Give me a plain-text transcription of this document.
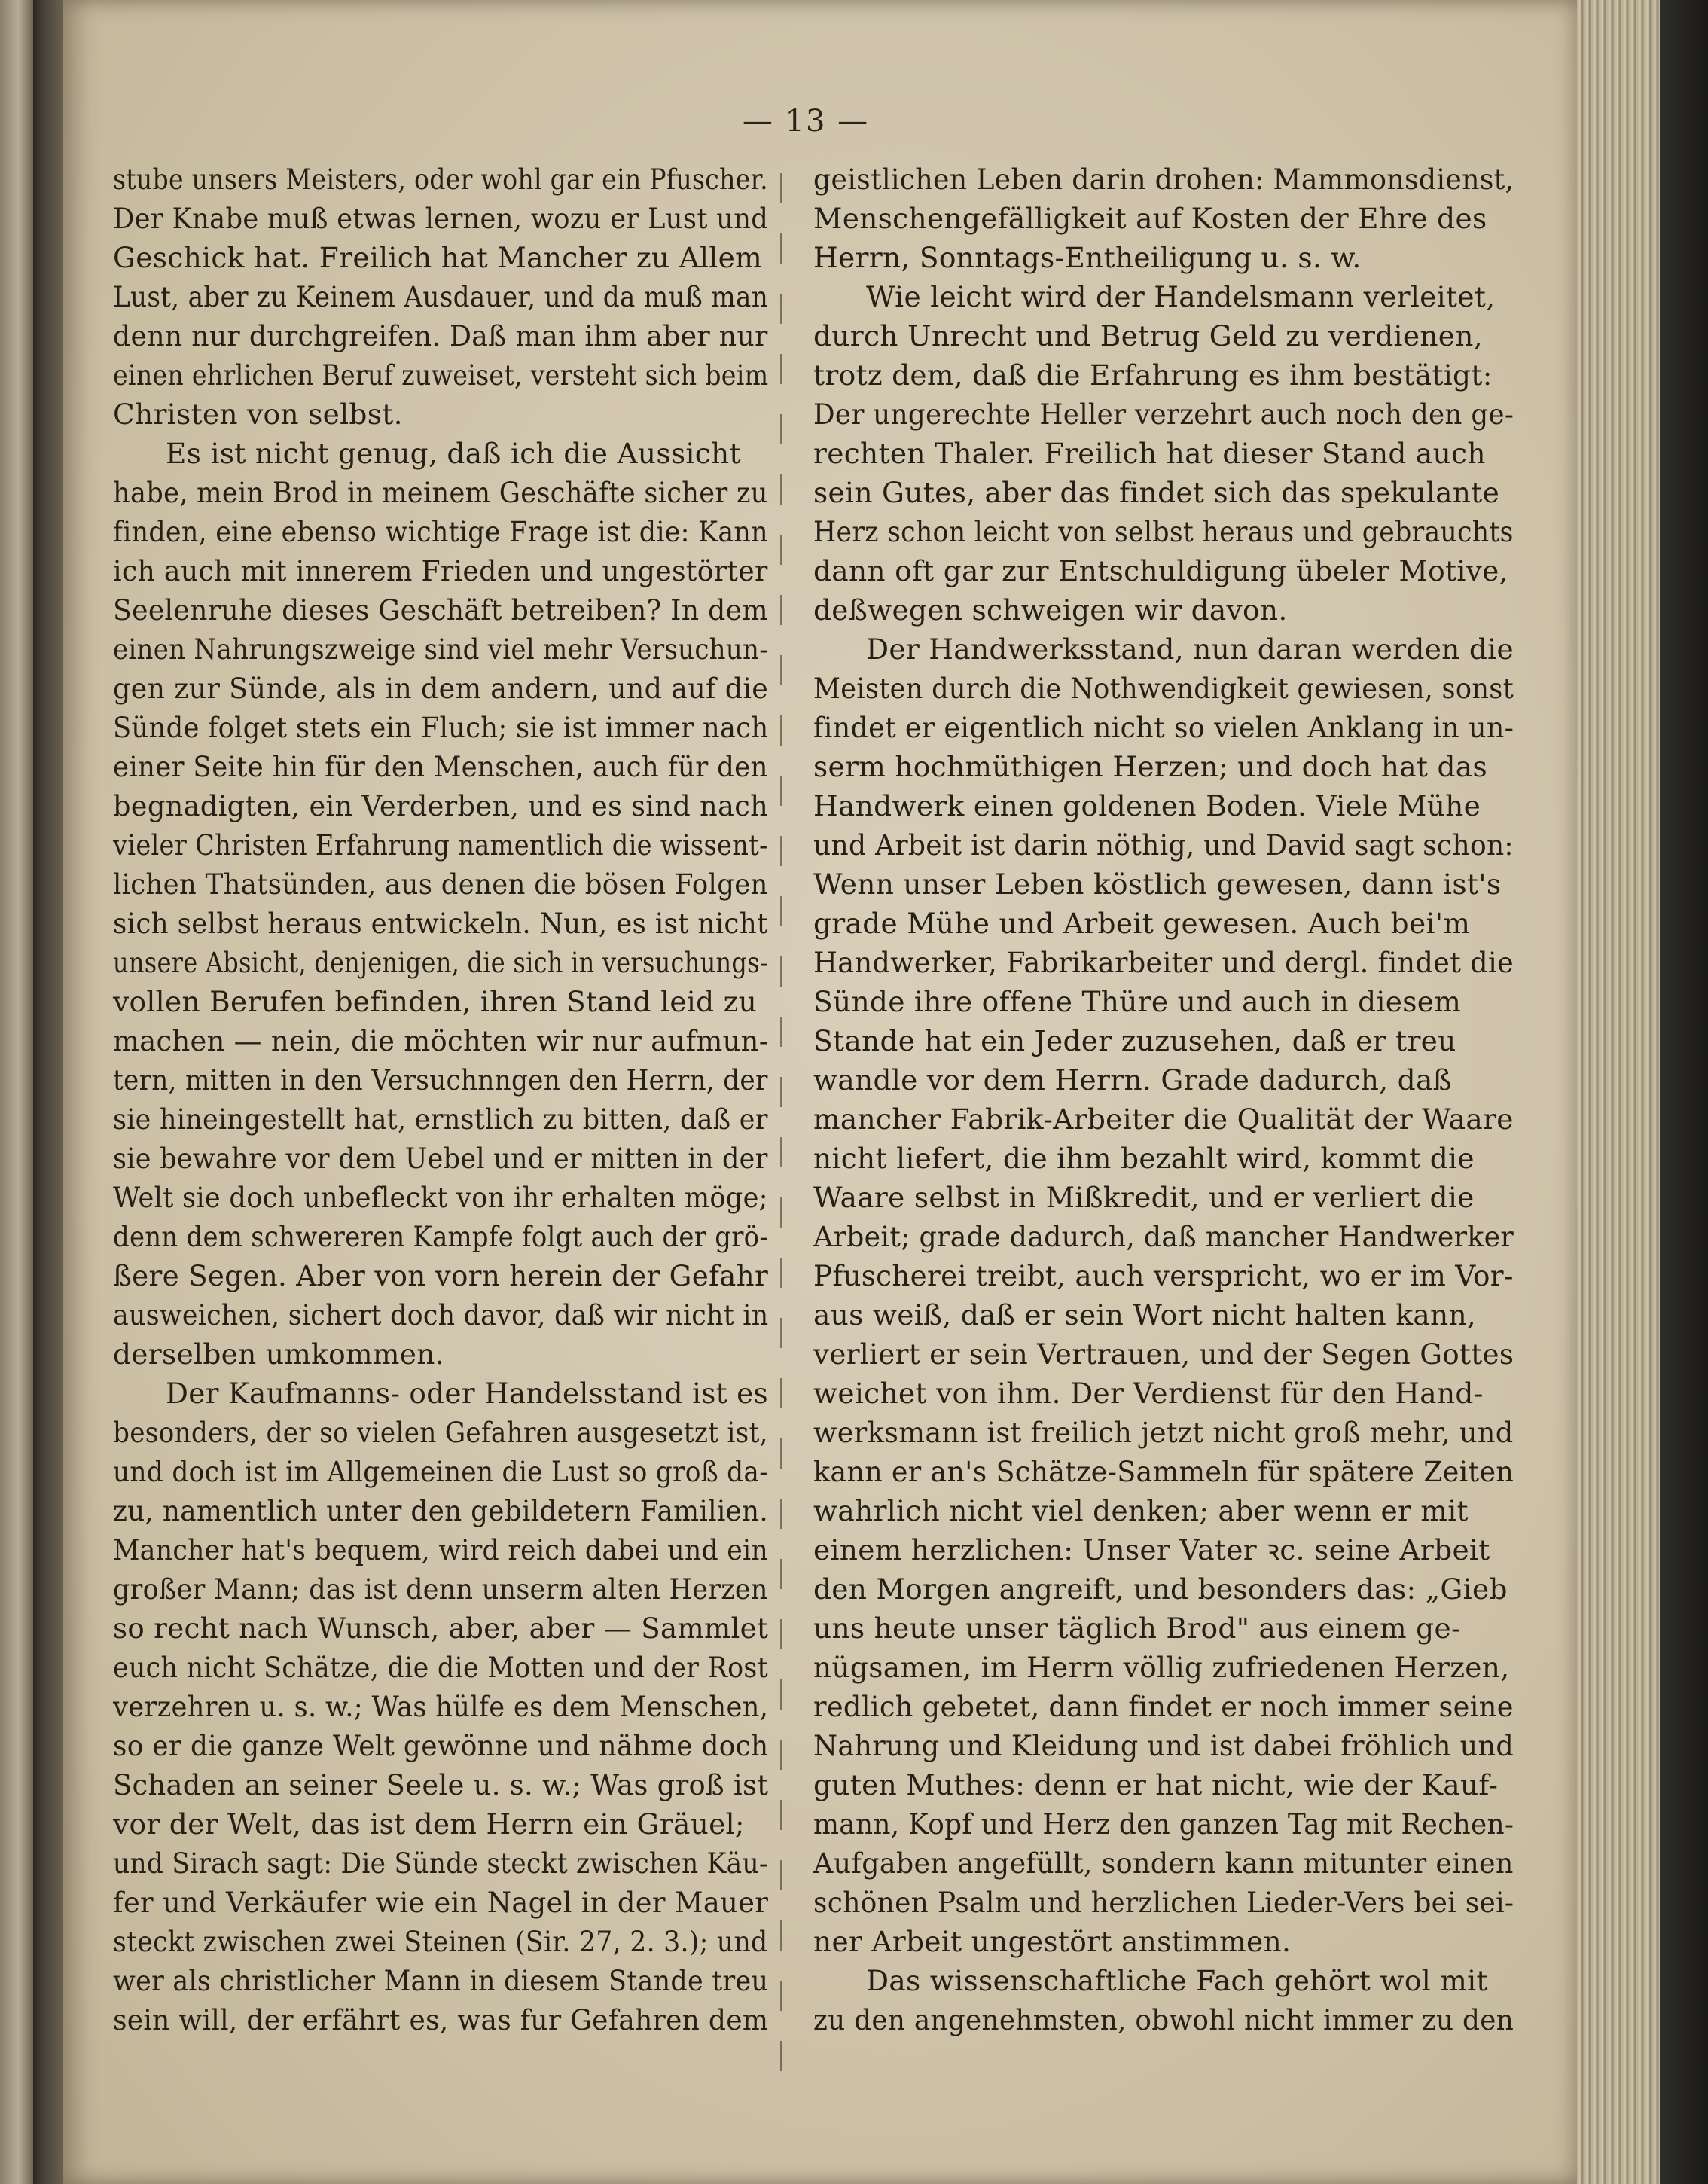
— 13 —
stube unsers Meisters, oder wohl gar ein Pfuscher.
Der Knabe muß etwas lernen, wozu er Lust und
Geschick hat. Freilich hat Mancher zu Allem
Lust, aber zu Keinem Ausdauer, und da muß man
denn nur durchgreifen. Daß man ihm aber nur
einen ehrlichen Beruf zuweiset, versteht sich beim
Christen von selbst.
Es ist nicht genug, daß ich die Aussicht
habe, mein Brod in meinem Geschäfte sicher zu
finden, eine ebenso wichtige Frage ist die: Kann
ich auch mit innerem Frieden und ungestörter
Seelenruhe dieses Geschäft betreiben? In dem
einen Nahrungszweige sind viel mehr Versuchun-
gen zur Sünde, als in dem andern, und auf die
Sünde folget stets ein Fluch; sie ist immer nach
einer Seite hin für den Menschen, auch für den
begnadigten, ein Verderben, und es sind nach
vieler Christen Erfahrung namentlich die wissent-
lichen Thatsünden, aus denen die bösen Folgen
sich selbst heraus entwickeln. Nun, es ist nicht
unsere Absicht, denjenigen, die sich in versuchungs-
vollen Berufen befinden, ihren Stand leid zu
machen — nein, die möchten wir nur aufmun-
tern, mitten in den Versuchnngen den Herrn, der
sie hineingestellt hat, ernstlich zu bitten, daß er
sie bewahre vor dem Uebel und er mitten in der
Welt sie doch unbefleckt von ihr erhalten möge;
denn dem schwereren Kampfe folgt auch der grö-
ßere Segen. Aber von vorn herein der Gefahr
ausweichen, sichert doch davor, daß wir nicht in
derselben umkommen.
Der Kaufmanns- oder Handelsstand ist es
besonders, der so vielen Gefahren ausgesetzt ist,
und doch ist im Allgemeinen die Lust so groß da-
zu, namentlich unter den gebildetern Familien.
Mancher hat's bequem, wird reich dabei und ein
großer Mann; das ist denn unserm alten Herzen
so recht nach Wunsch, aber, aber — Sammlet
euch nicht Schätze, die die Motten und der Rost
verzehren u. s. w.; Was hülfe es dem Menschen,
so er die ganze Welt gewönne und nähme doch
Schaden an seiner Seele u. s. w.; Was groß ist
vor der Welt, das ist dem Herrn ein Gräuel;
und Sirach sagt: Die Sünde steckt zwischen Käu-
fer und Verkäufer wie ein Nagel in der Mauer
steckt zwischen zwei Steinen (Sir. 27, 2. 3.); und
wer als christlicher Mann in diesem Stande treu
sein will, der erfährt es, was fur Gefahren dem
geistlichen Leben darin drohen: Mammonsdienst,
Menschengefälligkeit auf Kosten der Ehre des
Herrn, Sonntags-Entheiligung u. s. w.
Wie leicht wird der Handelsmann verleitet,
durch Unrecht und Betrug Geld zu verdienen,
trotz dem, daß die Erfahrung es ihm bestätigt:
Der ungerechte Heller verzehrt auch noch den ge-
rechten Thaler. Freilich hat dieser Stand auch
sein Gutes, aber das findet sich das spekulante
Herz schon leicht von selbst heraus und gebrauchts
dann oft gar zur Entschuldigung übeler Motive,
deßwegen schweigen wir davon.
Der Handwerksstand, nun daran werden die
Meisten durch die Nothwendigkeit gewiesen, sonst
findet er eigentlich nicht so vielen Anklang in un-
serm hochmüthigen Herzen; und doch hat das
Handwerk einen goldenen Boden. Viele Mühe
und Arbeit ist darin nöthig, und David sagt schon:
Wenn unser Leben köstlich gewesen, dann ist's
grade Mühe und Arbeit gewesen. Auch bei'm
Handwerker, Fabrikarbeiter und dergl. findet die
Sünde ihre offene Thüre und auch in diesem
Stande hat ein Jeder zuzusehen, daß er treu
wandle vor dem Herrn. Grade dadurch, daß
mancher Fabrik-Arbeiter die Qualität der Waare
nicht liefert, die ihm bezahlt wird, kommt die
Waare selbst in Mißkredit, und er verliert die
Arbeit; grade dadurch, daß mancher Handwerker
Pfuscherei treibt, auch verspricht, wo er im Vor-
aus weiß, daß er sein Wort nicht halten kann,
verliert er sein Vertrauen, und der Segen Gottes
weichet von ihm. Der Verdienst für den Hand-
werksmann ist freilich jetzt nicht groß mehr, und
kann er an's Schätze-Sammeln für spätere Zeiten
wahrlich nicht viel denken; aber wenn er mit
einem herzlichen: Unser Vater ꝛc. seine Arbeit
den Morgen angreift, und besonders das: „Gieb
uns heute unser täglich Brod" aus einem ge-
nügsamen, im Herrn völlig zufriedenen Herzen,
redlich gebetet, dann findet er noch immer seine
Nahrung und Kleidung und ist dabei fröhlich und
guten Muthes: denn er hat nicht, wie der Kauf-
mann, Kopf und Herz den ganzen Tag mit Rechen-
Aufgaben angefüllt, sondern kann mitunter einen
schönen Psalm und herzlichen Lieder-Vers bei sei-
ner Arbeit ungestört anstimmen.
Das wissenschaftliche Fach gehört wol mit
zu den angenehmsten, obwohl nicht immer zu den
